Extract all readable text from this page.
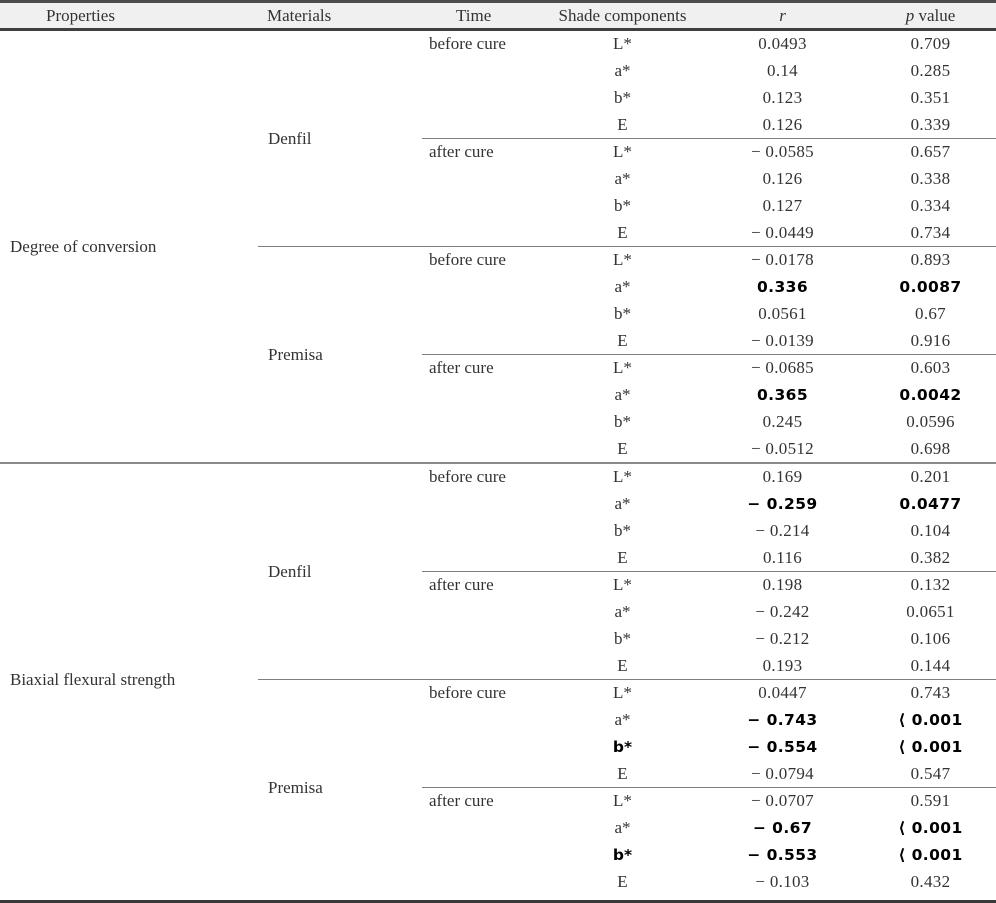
Properties	Materials	Time	Shade components	r	p value
Degree of conversion
Denfil
before cure	L*	0.0493	0.709
a*	0.14	0.285
b*	0.123	0.351
E	0.126	0.339
after cure	L*	− 0.0585	0.657
a*	0.126	0.338
b*	0.127	0.334
E	− 0.0449	0.734
Premisa
before cure	L*	− 0.0178	0.893
a*	0.336	0.0087
b*	0.0561	0.67
E	− 0.0139	0.916
after cure	L*	− 0.0685	0.603
a*	0.365	0.0042
b*	0.245	0.0596
E	− 0.0512	0.698
Biaxial flexural strength
Denfil
before cure	L*	0.169	0.201
a*	− 0.259	0.0477
b*	− 0.214	0.104
E	0.116	0.382
after cure	L*	0.198	0.132
a*	− 0.242	0.0651
b*	− 0.212	0.106
E	0.193	0.144
Premisa
before cure	L*	0.0447	0.743
a*	− 0.743	⟨ 0.001
b*	− 0.554	⟨ 0.001
E	− 0.0794	0.547
after cure	L*	− 0.0707	0.591
a*	− 0.67	⟨ 0.001
b*	− 0.553	⟨ 0.001
E	− 0.103	0.432
